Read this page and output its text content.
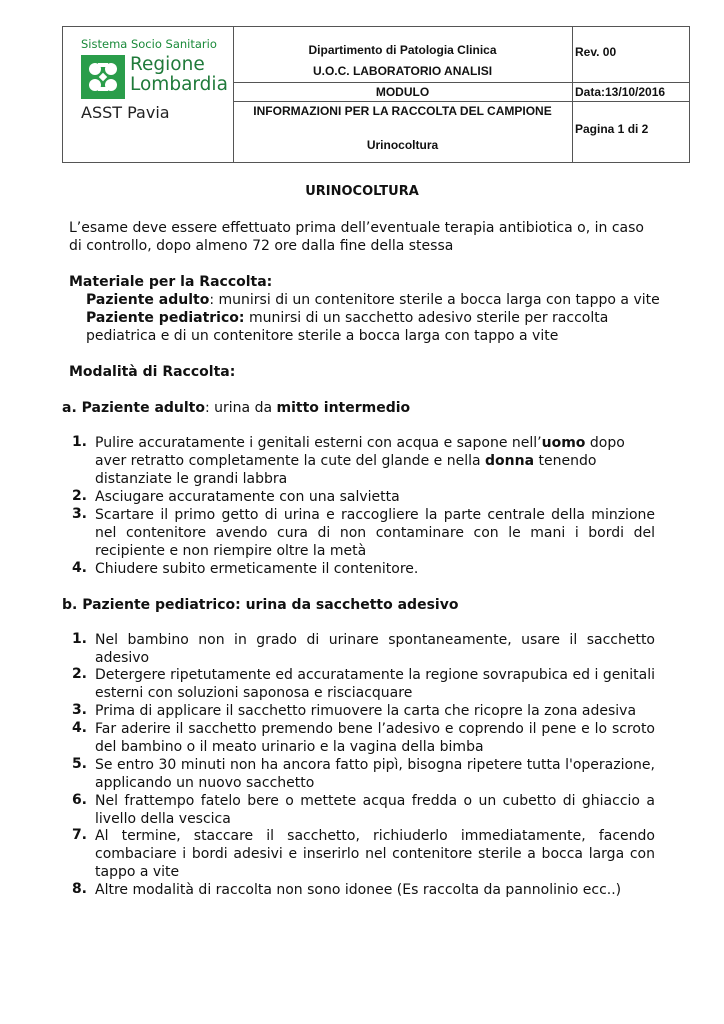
Sistema Socio Sanitario
Regione
Lombardia
ASST Pavia
Dipartimento di Patologia Clinica
U.O.C. LABORATORIO ANALISI
MODULO
INFORMAZIONI PER LA RACCOLTA DEL CAMPIONE
Urinocoltura
Rev. 00
Data:13/10/2016
Pagina 1 di 2
URINOCOLTURA
L’esame deve essere effettuato prima dell’eventuale terapia antibiotica o, in caso
di controllo, dopo almeno 72 ore dalla fine della stessa
Materiale per la Raccolta:
Paziente adulto: munirsi di un contenitore sterile a bocca larga con tappo a vite
Paziente pediatrico: munirsi di un sacchetto adesivo sterile per raccolta
pediatrica e di un contenitore sterile a bocca larga con tappo a vite
Modalità di Raccolta:
a. Paziente adulto: urina da mitto intermedio
1. Pulire accuratamente i genitali esterni con acqua e sapone nell’uomo dopo
aver retratto completamente la cute del glande e nella donna tenendo
distanziate le grandi labbra
2. Asciugare accuratamente con una salvietta
3. Scartare il primo getto di urina e raccogliere la parte centrale della minzione nel contenitore avendo cura di non contaminare con le mani i bordi del recipiente e non riempire oltre la metà
4. Chiudere subito ermeticamente il contenitore.
b. Paziente pediatrico: urina da sacchetto adesivo
1. Nel bambino non in grado di urinare spontaneamente, usare il sacchetto adesivo
2. Detergere ripetutamente ed accuratamente la regione sovrapubica ed i genitali esterni con soluzioni saponosa e risciacquare
3. Prima di applicare il sacchetto rimuovere la carta che ricopre la zona adesiva
4. Far aderire il sacchetto premendo bene l’adesivo e coprendo il pene e lo scroto del bambino o il meato urinario e la vagina della bimba
5. Se entro 30 minuti non ha ancora fatto pipì, bisogna ripetere tutta l'operazione, applicando un nuovo sacchetto
6. Nel frattempo fatelo bere o mettete acqua fredda o un cubetto di ghiaccio a livello della vescica
7. Al termine, staccare il sacchetto, richiuderlo immediatamente, facendo combaciare i bordi adesivi e inserirlo nel contenitore sterile a bocca larga con tappo a vite
8. Altre modalità di raccolta non sono idonee (Es raccolta da pannolinio ecc..)
